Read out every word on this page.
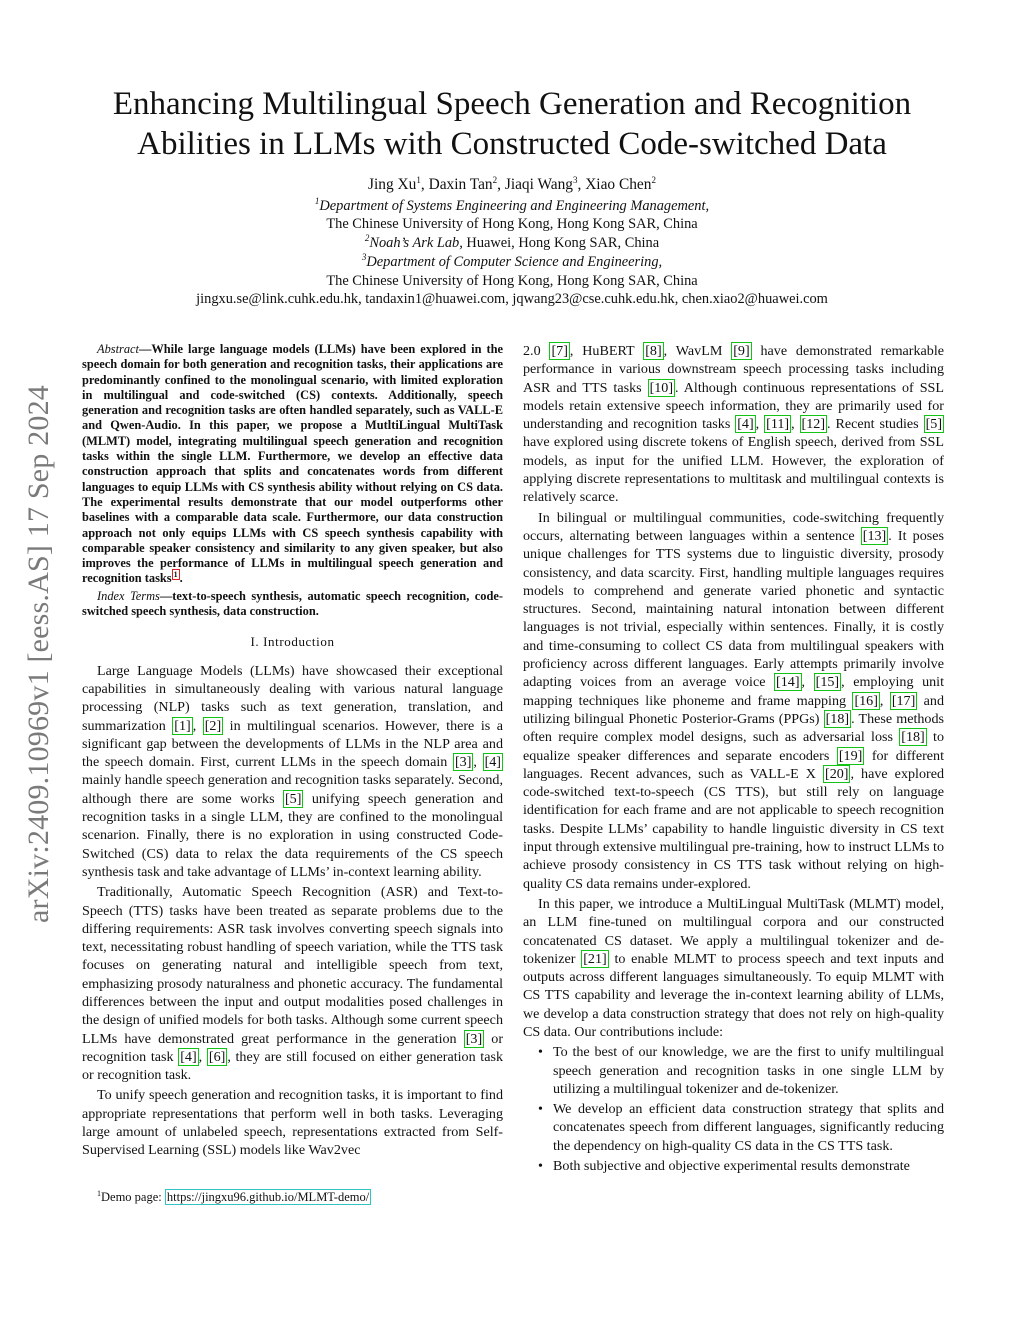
arXiv:2409.10969v1 [eess.AS] 17 Sep 2024
Enhancing Multilingual Speech Generation and Recognition
Abilities in LLMs with Constructed Code-switched Data
Jing Xu$^1$, Daxin Tan$^2$, Jiaqi Wang$^3$, Xiao Chen$^2$
$^1$Department of Systems Engineering and Engineering Management,
The Chinese University of Hong Kong, Hong Kong SAR, China
$^2$Noah’s Ark Lab, Huawei, Hong Kong SAR, China
$^3$Department of Computer Science and Engineering,
The Chinese University of Hong Kong, Hong Kong SAR, China
jingxu.se@link.cuhk.edu.hk, tandaxin1@huawei.com, jqwang23@cse.cuhk.edu.hk, chen.xiao2@huawei.com

Abstract—While large language models (LLMs) have been explored in the speech domain for both generation and recognition tasks, their applications are predominantly confined to the monolingual scenario, with limited exploration in multilingual and code-switched (CS) contexts. Additionally, speech generation and recognition tasks are often handled separately, such as VALL-E and Qwen-Audio. In this paper, we propose a MutltiLingual MultiTask (MLMT) model, integrating multilingual speech generation and recognition tasks within the single LLM. Furthermore, we develop an effective data construction approach that splits and concatenates words from different languages to equip LLMs with CS synthesis ability without relying on CS data. The experimental results demonstrate that our model outperforms other baselines with a comparable data scale. Furthermore, our data construction approach not only equips LLMs with CS speech synthesis capability with comparable speaker consistency and similarity to any given speaker, but also improves the performance of LLMs in multilingual speech generation and recognition tasks $^1$ .

Index Terms—text-to-speech synthesis, automatic speech recognition, code-switched speech synthesis, data construction.

I. Introduction

Large Language Models (LLMs) have showcased their exceptional capabilities in simultaneously dealing with various natural language processing (NLP) tasks such as text generation, translation, and summarization [1] , [2] in multilingual scenarios. However, there is a significant gap between the developments of LLMs in the NLP area and the speech domain. First, current LLMs in the speech domain [3] , [4] mainly handle speech generation and recognition tasks separately. Second, although there are some works [5] unifying speech generation and recognition tasks in a single LLM, they are confined to the monolingual scenarion. Finally, there is no exploration in using constructed Code-Switched (CS) data to relax the data requirements of the CS speech synthesis task and take advantage of LLMs’ in-context learning ability.

Traditionally, Automatic Speech Recognition (ASR) and Text-to-Speech (TTS) tasks have been treated as separate problems due to the differing requirements: ASR task involves converting speech signals into text, necessitating robust handling of speech variation, while the TTS task focuses on generating natural and intelligible speech from text, emphasizing prosody naturalness and phonetic accuracy. The fundamental differences between the input and output modalities posed challenges in the design of unified models for both tasks. Although some current speech LLMs have demonstrated great performance in the generation [3] or recognition task [4] , [6] , they are still focused on either generation task or recognition task.

To unify speech generation and recognition tasks, it is important to find appropriate representations that perform well in both tasks. Leveraging large amount of unlabeled speech, representations extracted from Self-Supervised Learning (SSL) models like Wav2vec

$^1$Demo page: https://jingxu96.github.io/MLMT-demo/

2.0 [7] , HuBERT [8] , WavLM [9] have demonstrated remarkable performance in various downstream speech processing tasks including ASR and TTS tasks [10] . Although continuous representations of SSL models retain extensive speech information, they are primarily used for understanding and recognition tasks [4] , [11] , [12] . Recent studies [5] have explored using discrete tokens of English speech, derived from SSL models, as input for the unified LLM. However, the exploration of applying discrete representations to multitask and multilingual contexts is relatively scarce.

In bilingual or multilingual communities, code-switching frequently occurs, alternating between languages within a sentence [13] . It poses unique challenges for TTS systems due to linguistic diversity, prosody consistency, and data scarcity. First, handling multiple languages requires models to comprehend and generate varied phonetic and syntactic structures. Second, maintaining natural intonation between different languages is not trivial, especially within sentences. Finally, it is costly and time-consuming to collect CS data from multilingual speakers with proficiency across different languages. Early attempts primarily involve adapting voices from an average voice [14] , [15] , employing unit mapping techniques like phoneme and frame mapping [16] , [17] and utilizing bilingual Phonetic Posterior-Grams (PPGs) [18] . These methods often require complex model designs, such as adversarial loss [18] to equalize speaker differences and separate encoders [19] for different languages. Recent advances, such as VALL-E X [20] , have explored code-switched text-to-speech (CS TTS), but still rely on language identification for each frame and are not applicable to speech recognition tasks. Despite LLMs’ capability to handle linguistic diversity in CS text input through extensive multilingual pre-training, how to instruct LLMs to achieve prosody consistency in CS TTS task without relying on high-quality CS data remains under-explored.

In this paper, we introduce a MultiLingual MultiTask (MLMT) model, an LLM fine-tuned on multilingual corpora and our constructed concatenated CS dataset. We apply a multilingual tokenizer and de-tokenizer [21] to enable MLMT to process speech and text inputs and outputs across different languages simultaneously. To equip MLMT with CS TTS capability and leverage the in-context learning ability of LLMs, we develop a data construction strategy that does not rely on high-quality CS data. Our contributions include:

• To the best of our knowledge, we are the first to unify multilingual speech generation and recognition tasks in one single LLM by utilizing a multilingual tokenizer and de-tokenizer.
• We develop an efficient data construction strategy that splits and concatenates speech from different languages, significantly reducing the dependency on high-quality CS data in the CS TTS task.
• Both subjective and objective experimental results demonstrate
